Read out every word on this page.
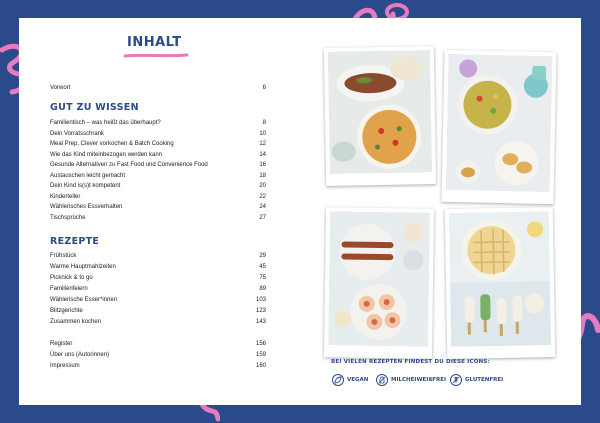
INHALT
Vorwort	6
GUT ZU WISSEN
Familientisch – was heißt das überhaupt?	8
Dein Vorratsschrank	10
Meal Prep, Clever vorkochen & Batch Cooking	12
Wie das Kind miteinbezogen werden kann	14
Gesunde Alternativen zu Fast Food und Convenience Food	16
Austauschen leicht gemacht	18
Dein Kind is(s)t kompetent	20
Kinderteller	22
Wählerisches Essverhalten	24
Tischsprüche	27
REZEPTE
Frühstück	29
Warme Hauptmahlzeiten	45
Picknick & to go	75
Familienfeiern	89
Wählerische Esser*innen	103
Blitzgerichte	123
Zusammen kochen	143
Register	156
Über uns (Autorinnen)	159
Impressum	160
BEI VIELEN REZEPTEN FINDEST DU DIESE ICONS:
VEGAN	MILCHEIWEIßFREI	GLUTENFREI
